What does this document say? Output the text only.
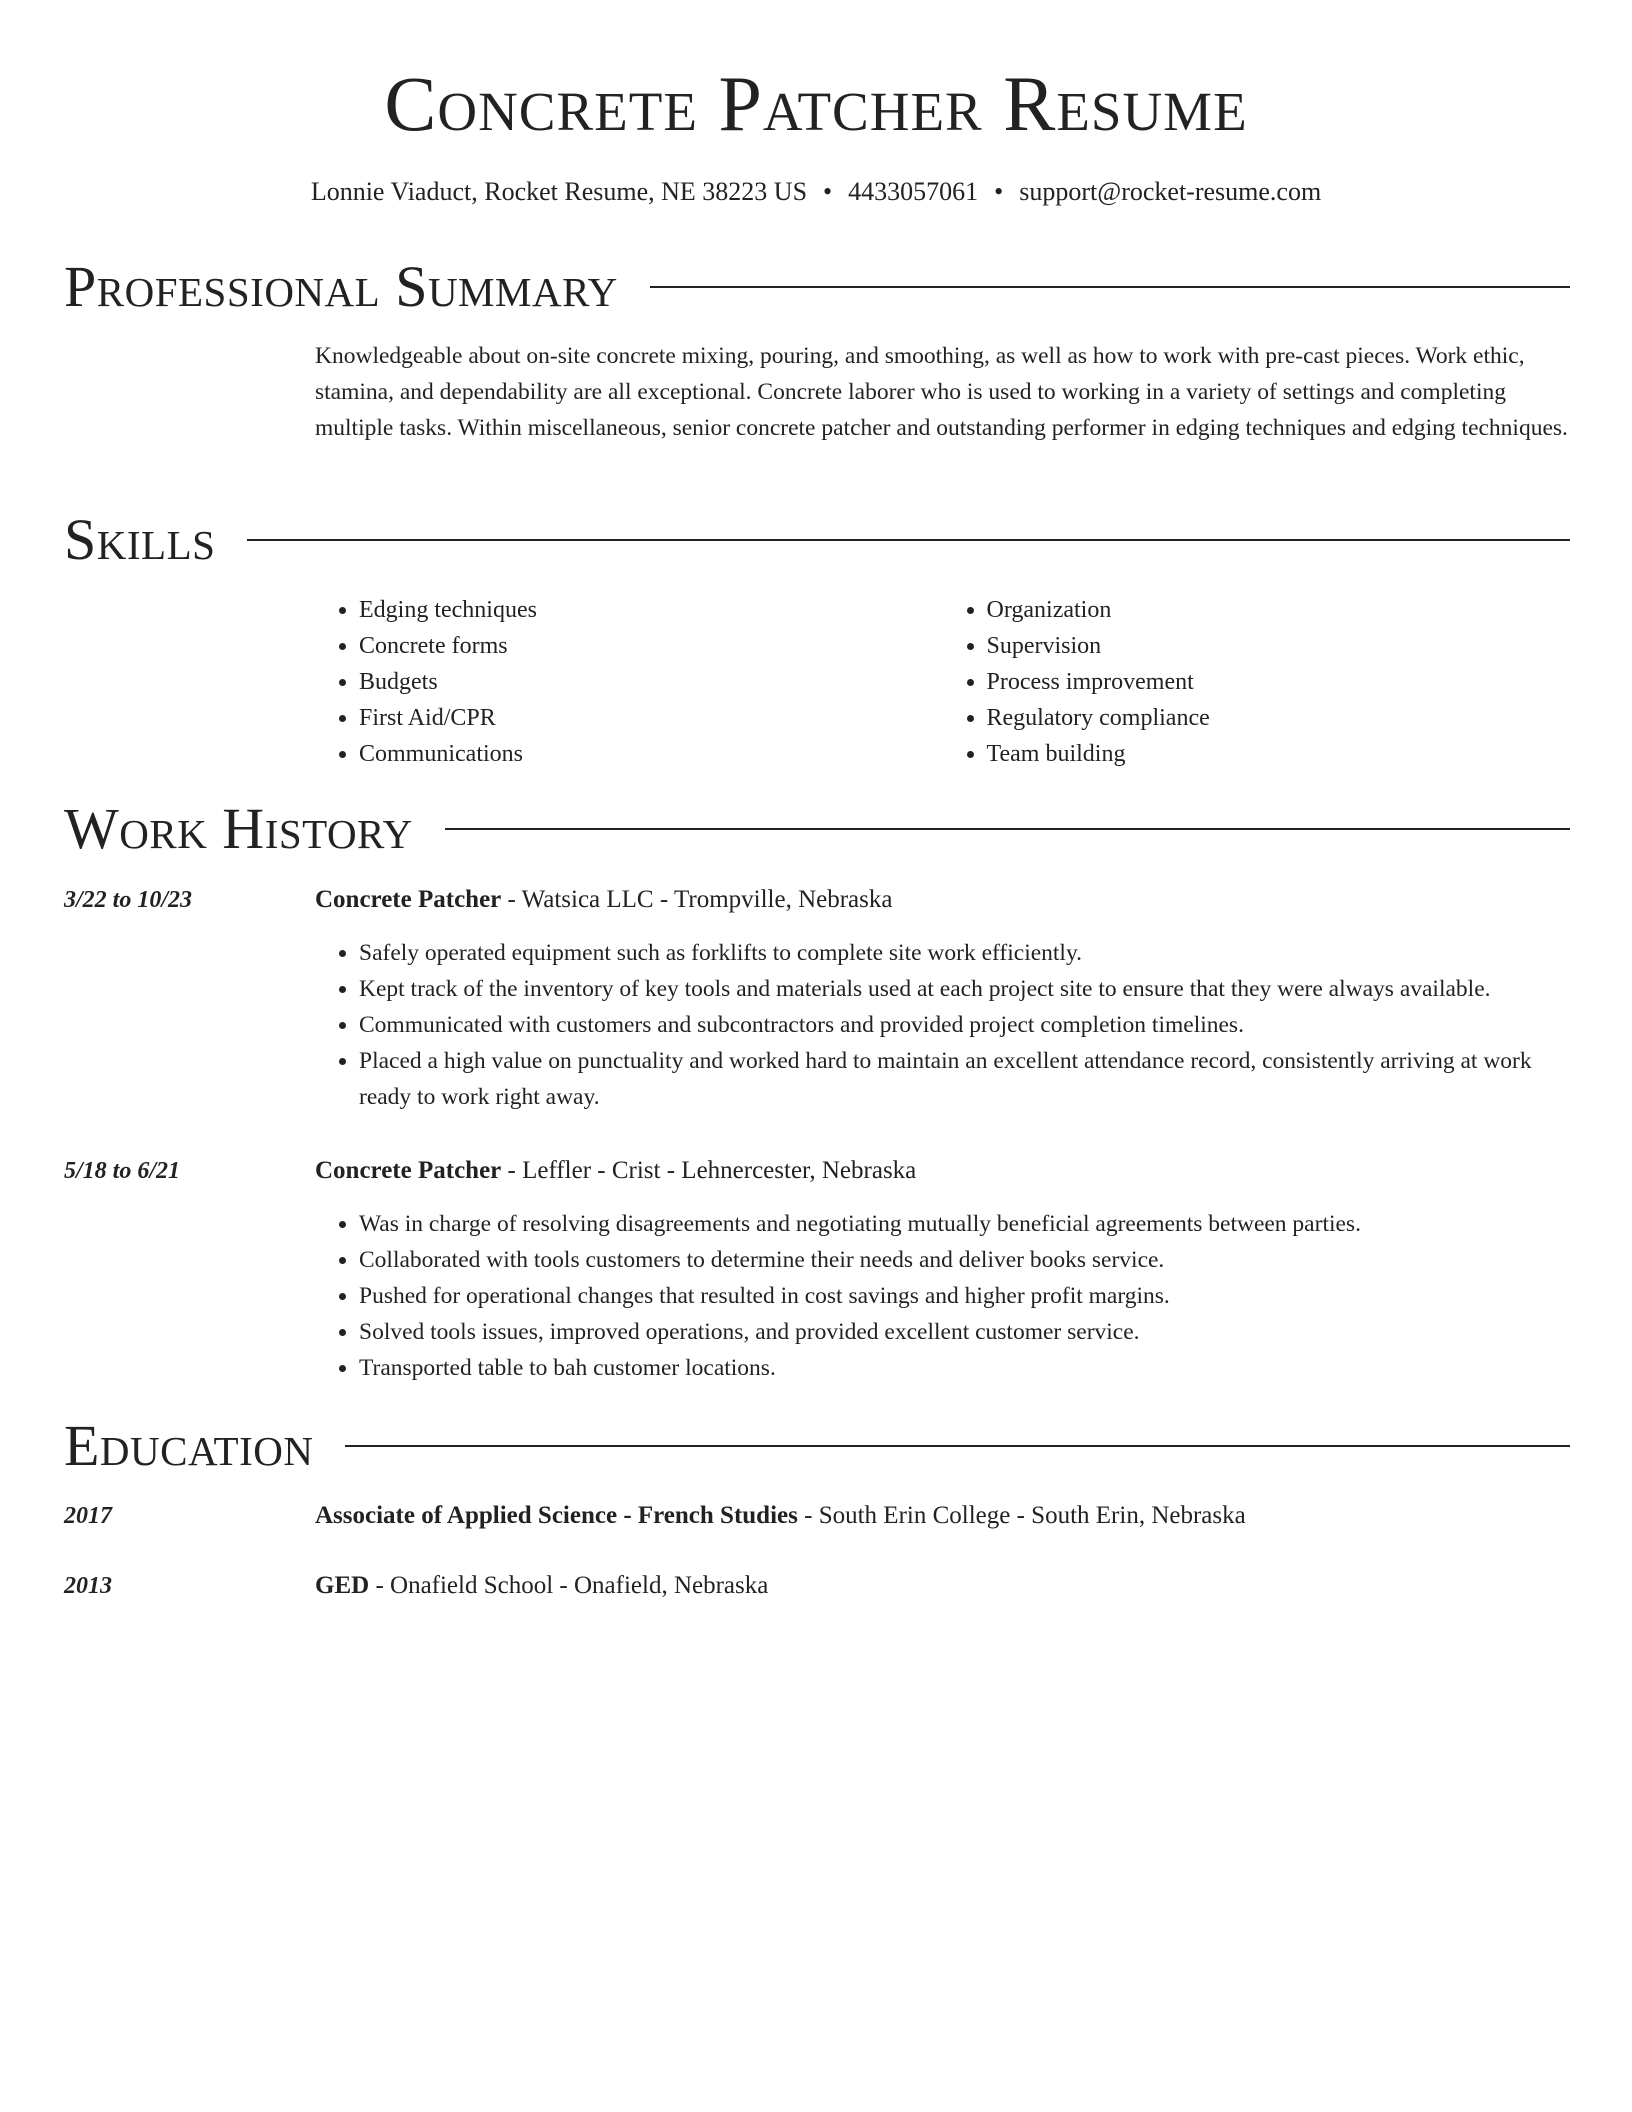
Concrete Patcher Resume
Lonnie Viaduct, Rocket Resume, NE 38223 US • 4433057061 • support@rocket-resume.com
Professional Summary

Knowledgeable about on-site concrete mixing, pouring, and smoothing, as well as how to work with pre-cast pieces. Work ethic, stamina, and dependability are all exceptional. Concrete laborer who is used to working in a variety of settings and completing multiple tasks. Within miscellaneous, senior concrete patcher and outstanding performer in edging techniques and edging techniques.

Skills
• Edging techniques
• Concrete forms
• Budgets
• First Aid/CPR
• Communications
• Organization
• Supervision
• Process improvement
• Regulatory compliance
• Team building
Work History
3/22 to 10/23	Concrete Patcher - Watsica LLC - Trompville, Nebraska
• Safely operated equipment such as forklifts to complete site work efficiently.
• Kept track of the inventory of key tools and materials used at each project site to ensure that they were always available.
• Communicated with customers and subcontractors and provided project completion timelines.
• Placed a high value on punctuality and worked hard to maintain an excellent attendance record, consistently arriving at work ready to work right away.
5/18 to 6/21	Concrete Patcher - Leffler - Crist - Lehnercester, Nebraska
• Was in charge of resolving disagreements and negotiating mutually beneficial agreements between parties.
• Collaborated with tools customers to determine their needs and deliver books service.
• Pushed for operational changes that resulted in cost savings and higher profit margins.
• Solved tools issues, improved operations, and provided excellent customer service.
• Transported table to bah customer locations.
Education
2017	Associate of Applied Science - French Studies - South Erin College - South Erin, Nebraska
2013	GED - Onafield School - Onafield, Nebraska
